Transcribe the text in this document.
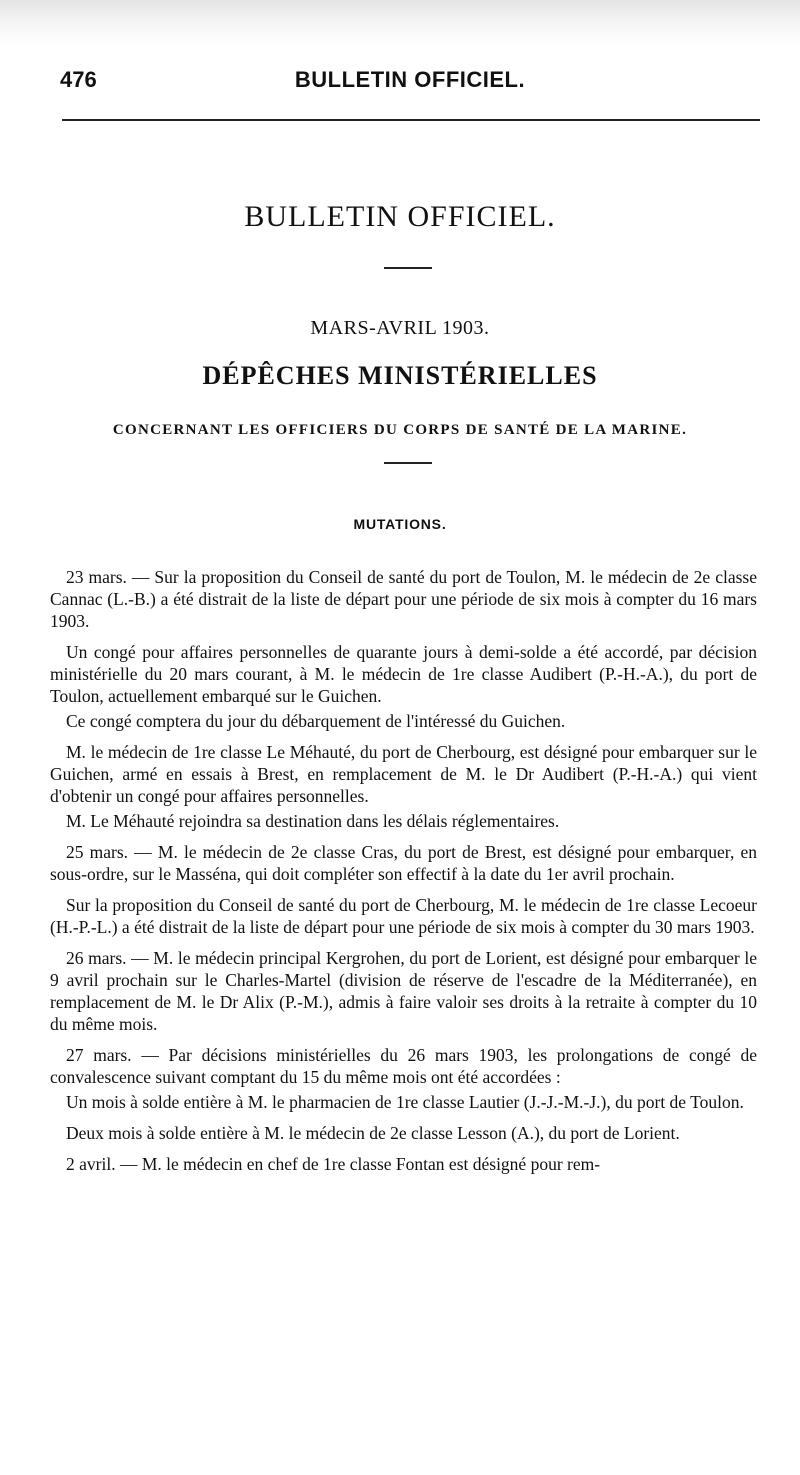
476	BULLETIN OFFICIEL.
BULLETIN OFFICIEL.
MARS-AVRIL 1903.
DÉPÊCHES MINISTÉRIELLES
CONCERNANT LES OFFICIERS DU CORPS DE SANTÉ DE LA MARINE.
MUTATIONS.

23 mars. — Sur la proposition du Conseil de santé du port de Toulon, M. le médecin de 2e classe Cannac (L.-B.) a été distrait de la liste de départ pour une période de six mois à compter du 16 mars 1903.

Un congé pour affaires personnelles de quarante jours à demi-solde a été accordé, par décision ministérielle du 20 mars courant, à M. le médecin de 1re classe Audibert (P.-H.-A.), du port de Toulon, actuellement embarqué sur le Guichen.

Ce congé comptera du jour du débarquement de l'intéressé du Guichen.

M. le médecin de 1re classe Le Méhauté, du port de Cherbourg, est désigné pour embarquer sur le Guichen, armé en essais à Brest, en remplacement de M. le Dr Audibert (P.-H.-A.) qui vient d'obtenir un congé pour affaires personnelles.

M. Le Méhauté rejoindra sa destination dans les délais réglementaires.

25 mars. — M. le médecin de 2e classe Cras, du port de Brest, est désigné pour embarquer, en sous-ordre, sur le Masséna, qui doit compléter son effectif à la date du 1er avril prochain.

Sur la proposition du Conseil de santé du port de Cherbourg, M. le médecin de 1re classe Lecoeur (H.-P.-L.) a été distrait de la liste de départ pour une période de six mois à compter du 30 mars 1903.

26 mars. — M. le médecin principal Kergrohen, du port de Lorient, est désigné pour embarquer le 9 avril prochain sur le Charles-Martel (division de réserve de l'escadre de la Méditerranée), en remplacement de M. le Dr Alix (P.-M.), admis à faire valoir ses droits à la retraite à compter du 10 du même mois.

27 mars. — Par décisions ministérielles du 26 mars 1903, les prolongations de congé de convalescence suivant comptant du 15 du même mois ont été accordées :

Un mois à solde entière à M. le pharmacien de 1re classe Lautier (J.-J.-M.-J.), du port de Toulon.

Deux mois à solde entière à M. le médecin de 2e classe Lesson (A.), du port de Lorient.

2 avril. — M. le médecin en chef de 1re classe Fontan est désigné pour rem-
